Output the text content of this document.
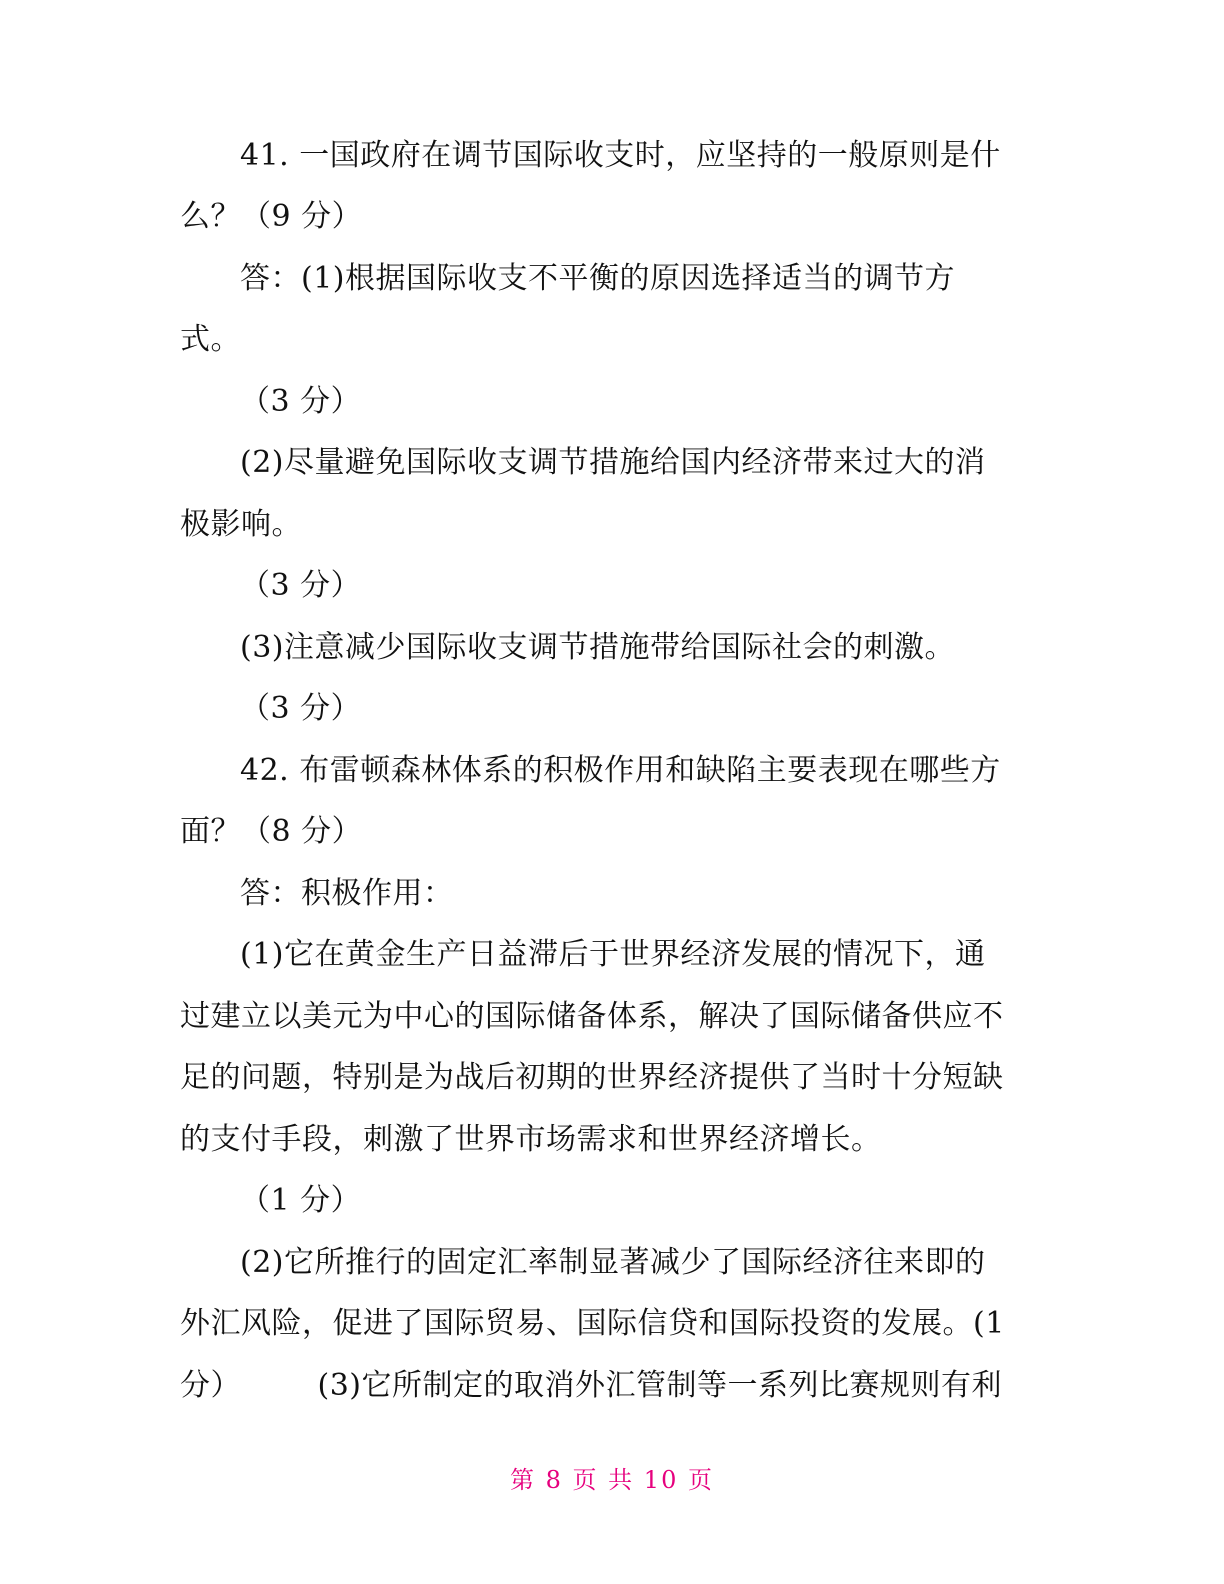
41. 一国政府在调节国际收支时，应坚持的一般原则是什
么？（9 分）
答：(1)根据国际收支不平衡的原因选择适当的调节方
式。
（3 分）
(2)尽量避免国际收支调节措施给国内经济带来过大的消
极影响。
（3 分）
(3)注意减少国际收支调节措施带给国际社会的刺激。
（3 分）
42. 布雷顿森林体系的积极作用和缺陷主要表现在哪些方
面？（8 分）
答：积极作用：
(1)它在黄金生产日益滞后于世界经济发展的情况下，通
过建立以美元为中心的国际储备体系，解决了国际储备供应不
足的问题，特别是为战后初期的世界经济提供了当时十分短缺
的支付手段，刺激了世界市场需求和世界经济增长。
（1 分）
(2)它所推行的固定汇率制显著减少了国际经济往来即的
外汇风险，促进了国际贸易、国际信贷和国际投资的发展。(1
分）　　　(3)它所制定的取消外汇管制等一系列比赛规则有利
第 8 页 共 10 页
